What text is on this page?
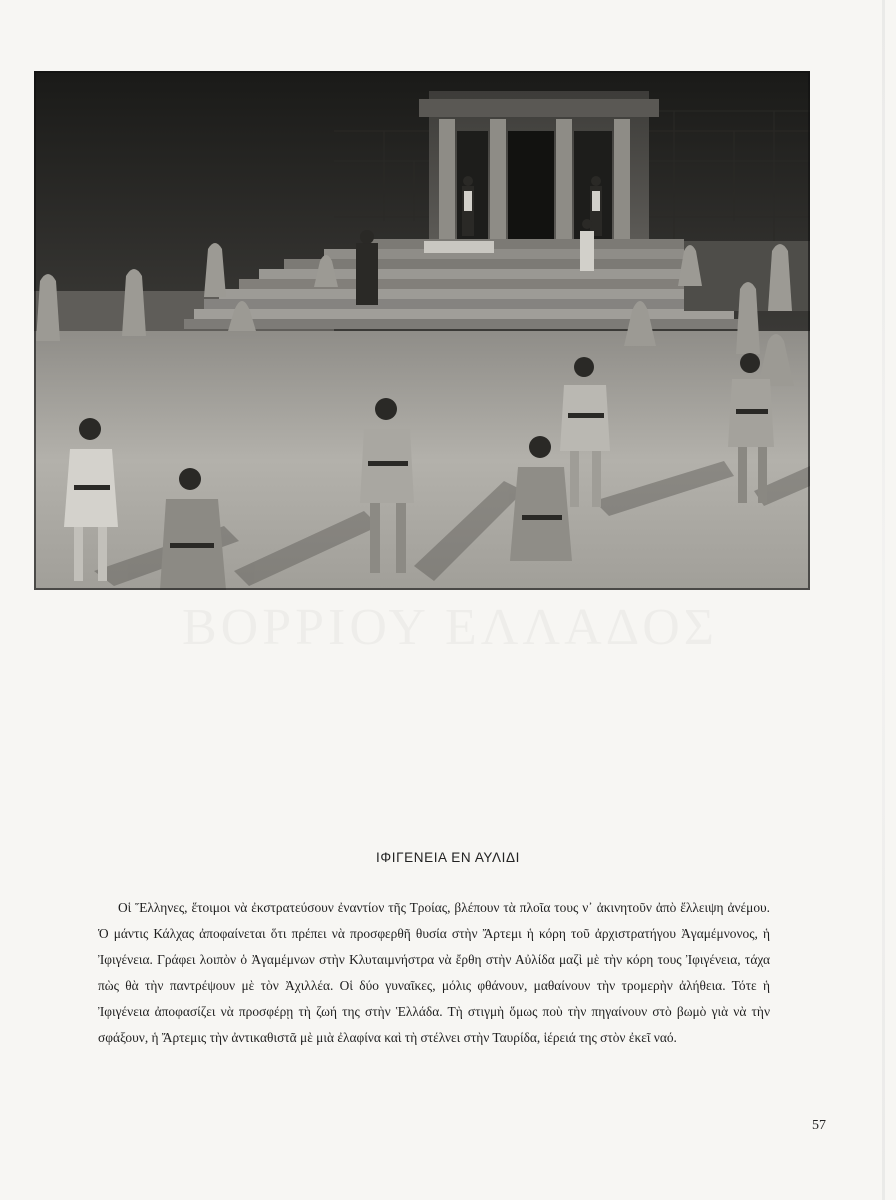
ΙΦΙΓΕΝΕΙΑ ΕΝ ΑΥΛΙΔΙ

Οἱ Ἕλληνες, ἕτοιμοι νὰ ἐκστρατεύσουν ἐναντίον τῆς Τροίας, βλέπουν τὰ πλοῖα τους ν᾽ ἀκινητοῦν ἀπὸ ἔλλειψη ἀνέμου. Ὁ μάντις Κάλχας ἀποφαίνεται ὅτι πρέπει νὰ προσφερθῆ θυσία στὴν Ἄρτεμι ἡ κόρη τοῦ ἀρχιστρατήγου Ἀγαμέμνονος, ἡ Ἰφιγένεια. Γράφει λοιπὸν ὁ Ἀγαμέμνων στὴν Κλυταιμνήστρα νὰ ἔρθη στὴν Αὐλίδα μαζὶ μὲ τὴν κόρη τους Ἰφιγένεια, τάχα πὼς θὰ τὴν παντρέψουν μὲ τὸν Ἀχιλλέα. Οἱ δύο γυναῖκες, μόλις φθάνουν, μαθαίνουν τὴν τρομερὴν ἀλήθεια. Τότε ἡ Ἰφιγένεια ἀποφασίζει νὰ προσφέρῃ τὴ ζωή της στὴν Ἑλλάδα. Τὴ στιγμὴ ὅμως ποὺ τὴν πηγαίνουν στὸ βωμὸ γιὰ νὰ τὴν σφάξουν, ἡ Ἄρτεμις τὴν ἀντικαθιστᾶ μὲ μιὰ ἐλαφίνα καὶ τὴ στέλνει στὴν Ταυρίδα, ἱέρειά της στὸν ἐκεῖ ναό.

57
